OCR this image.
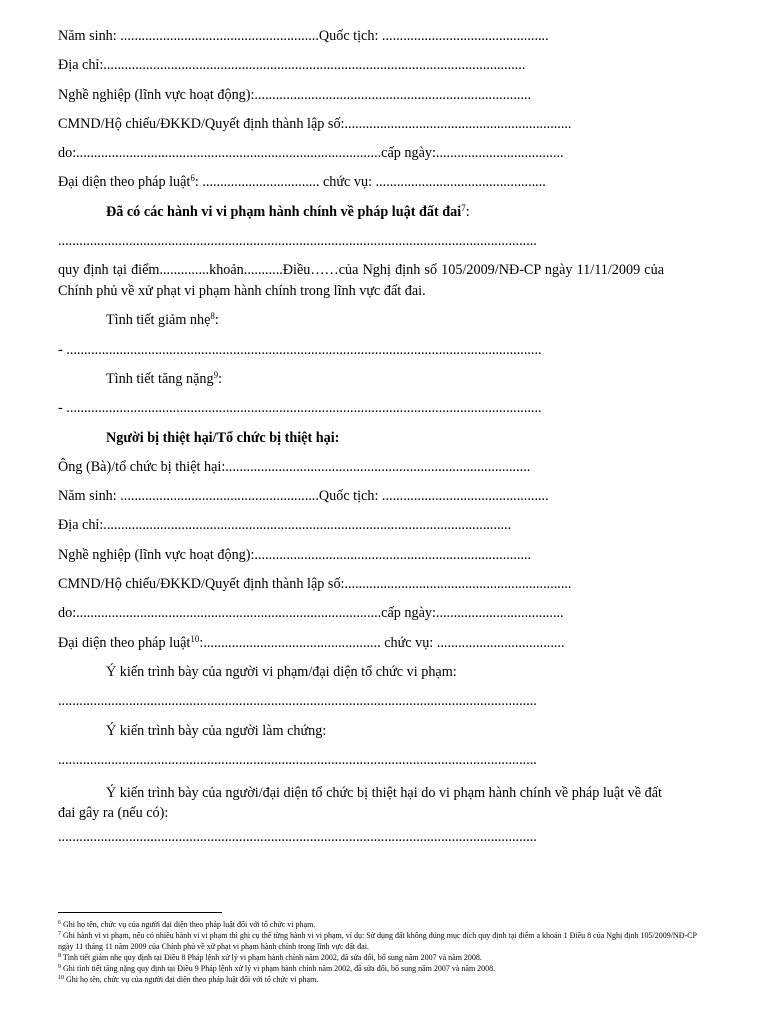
Năm sinh: ........................................................Quốc tịch: ...............................................
Địa chỉ:.......................................................................................................................
Nghề nghiệp (lĩnh vực hoạt động):..............................................................................
CMND/Hộ chiếu/ĐKKD/Quyết định thành lập số:................................................................
do:......................................................................................cấp ngày:....................................
Đại diện theo pháp luật$^6$: ................................. chức vụ: ................................................
Đã có các hành vi vi phạm hành chính về pháp luật đất đai$^7$:
.......................................................................................................................................
quy định tại điểm..............khoản...........Điều……của Nghị định số 105/2009/NĐ-CP ngày 11/11/2009 của Chính phủ về xử phạt vi phạm hành chính trong lĩnh vực đất đai.
Tình tiết giảm nhẹ$^8$:
- ......................................................................................................................................
Tình tiết tăng nặng$^9$:
- ......................................................................................................................................
Người bị thiệt hại/Tổ chức bị thiệt hại:
Ông (Bà)/tổ chức bị thiệt hại:......................................................................................
Năm sinh: ........................................................Quốc tịch: ...............................................
Địa chỉ:...................................................................................................................
Nghề nghiệp (lĩnh vực hoạt động):..............................................................................
CMND/Hộ chiếu/ĐKKD/Quyết định thành lập số:................................................................
do:......................................................................................cấp ngày:....................................
Đại diện theo pháp luật$^{10}$:.................................................. chức vụ: ....................................
Ý kiến trình bày của người vi phạm/đại diện tổ chức vi phạm:
.......................................................................................................................................
Ý kiến trình bày của người làm chứng:
.......................................................................................................................................
Ý kiến trình bày của người/đại diện tổ chức bị thiệt hại do vi phạm hành chính về pháp luật về đất đai gây ra (nếu có):
.......................................................................................................................................
$^6$ Ghi họ tên, chức vụ của người đại diện theo pháp luật đối với tổ chức vi phạm.
$^7$ Ghi hành vi vi phạm, nếu có nhiều hành vi vi phạm thì ghi cụ thể từng hành vi vi phạm, ví dụ: Sử dụng đất không đúng mục đích quy định tại điểm a khoản 1 Điều 8 của Nghị định 105/2009/NĐ-CP ngày 11 tháng 11 năm 2009 của Chính phủ về xử phạt vi phạm hành chính trong lĩnh vực đất đai.
$^8$ Tình tiết giảm nhẹ quy định tại Điều 8 Pháp lệnh xử lý vi phạm hành chính năm 2002, đã sửa đổi, bổ sung năm 2007 và năm 2008.
$^9$ Ghi tình tiết tăng nặng quy định tại Điều 9 Pháp lệnh xử lý vi phạm hành chính năm 2002, đã sửa đổi, bổ sung năm 2007 và năm 2008.
$^{10}$ Ghi họ tên, chức vụ của người đại diện theo pháp luật đối với tổ chức vi phạm.
